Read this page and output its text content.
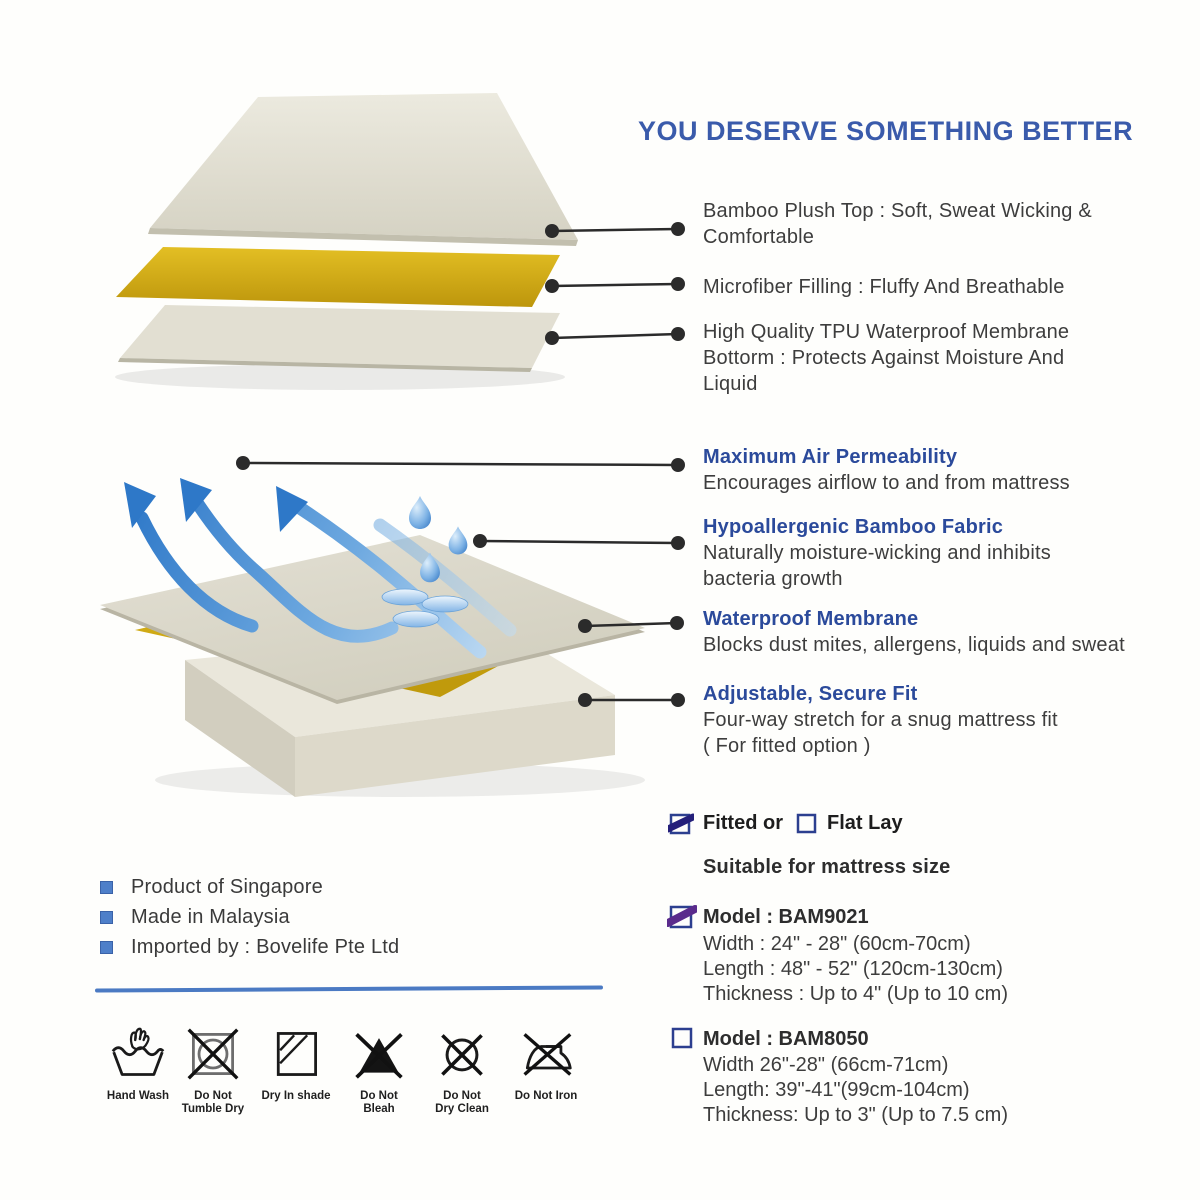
YOU DESERVE SOMETHING BETTER
Bamboo Plush Top : Soft, Sweat Wicking &
Comfortable
Microfiber Filling : Fluffy And Breathable
High Quality TPU Waterproof Membrane
Bottorm : Protects Against Moisture And
Liquid
Maximum Air Permeability
Encourages airflow to and from mattress
Hypoallergenic Bamboo Fabric
Naturally moisture-wicking and inhibits
bacteria growth
Waterproof Membrane
Blocks dust mites, allergens, liquids and sweat
Adjustable, Secure Fit
Four-way stretch for a snug mattress fit
( For fitted option )
Fitted or Flat Lay
Suitable for mattress size
Model : BAM9021
Width : 24" - 28" (60cm-70cm)
Length : 48" - 52" (120cm-130cm)
Thickness : Up to 4" (Up to 10 cm)
Model : BAM8050
Width 26"-28" (66cm-71cm)
Length: 39"-41"(99cm-104cm)
Thickness: Up to 3" (Up to 7.5 cm)
Product of Singapore
Made in Malaysia
Imported by : Bovelife Pte Ltd
Hand Wash	Do Not
Tumble Dry
Dry In shade	Do Not
Bleah
Do Not
Dry Clean
Do Not Iron
